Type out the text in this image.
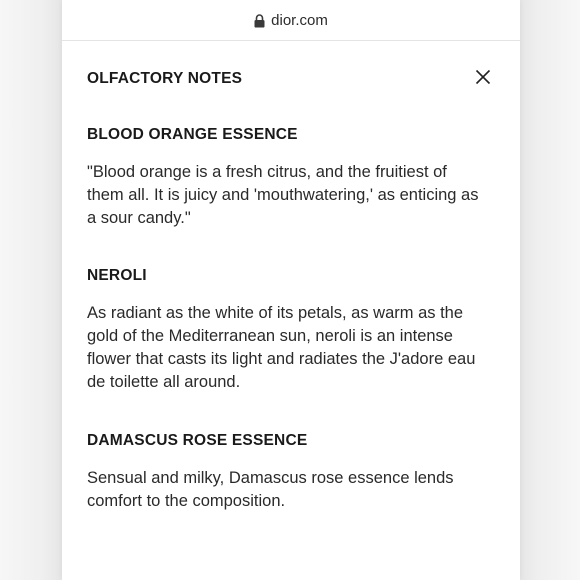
dior.com
OLFACTORY NOTES
BLOOD ORANGE ESSENCE

"Blood orange is a fresh citrus, and the fruitiest of them all. It is juicy and 'mouthwatering,' as enticing as a sour candy."

NEROLI

As radiant as the white of its petals, as warm as the gold of the Mediterranean sun, neroli is an intense flower that casts its light and radiates the J'adore eau de toilette all around.

DAMASCUS ROSE ESSENCE

Sensual and milky, Damascus rose essence lends comfort to the composition.
